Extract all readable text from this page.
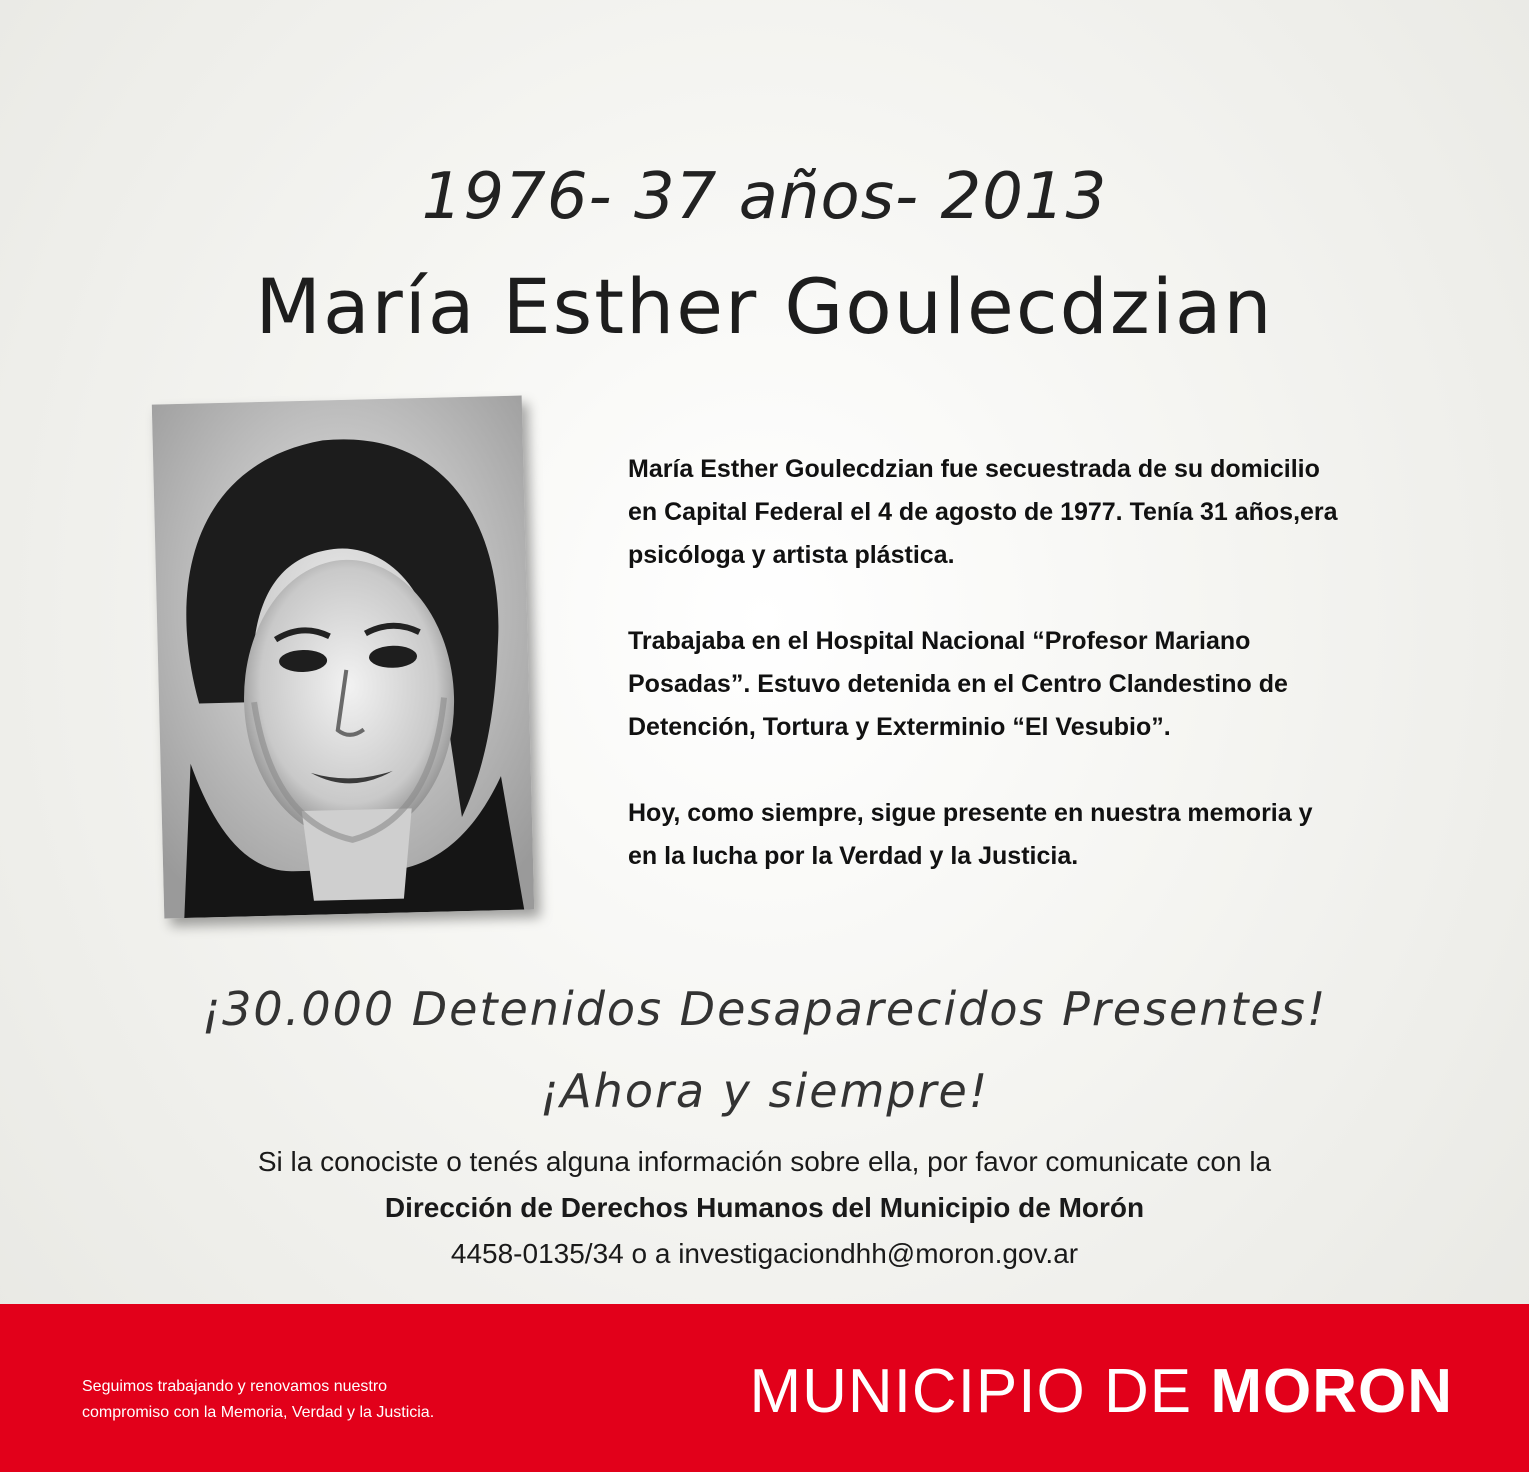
1976- 37 años- 2013
María Esther Goulecdzian

María Esther Goulecdzian fue secuestrada de su domicilio en Capital Federal el 4 de agosto de 1977. Tenía 31 años,era psicóloga y artista plástica.

Trabajaba en el Hospital Nacional “Profesor Mariano Posadas”. Estuvo detenida en el Centro Clandestino de Detención, Tortura y Exterminio “El Vesubio”.

Hoy, como siempre, sigue presente en nuestra memoria y en la lucha por la Verdad y la Justicia.

¡30.000 Detenidos Desaparecidos Presentes!
¡Ahora y siempre!
Si la conociste o tenés alguna información sobre ella, por favor comunicate con la
Dirección de Derechos Humanos del Municipio de Morón
4458-0135/34 o a investigaciondhh@moron.gov.ar
Seguimos trabajando y renovamos nuestro
compromiso con la Memoria, Verdad y la Justicia.	MUNICIPIO DE MORON
